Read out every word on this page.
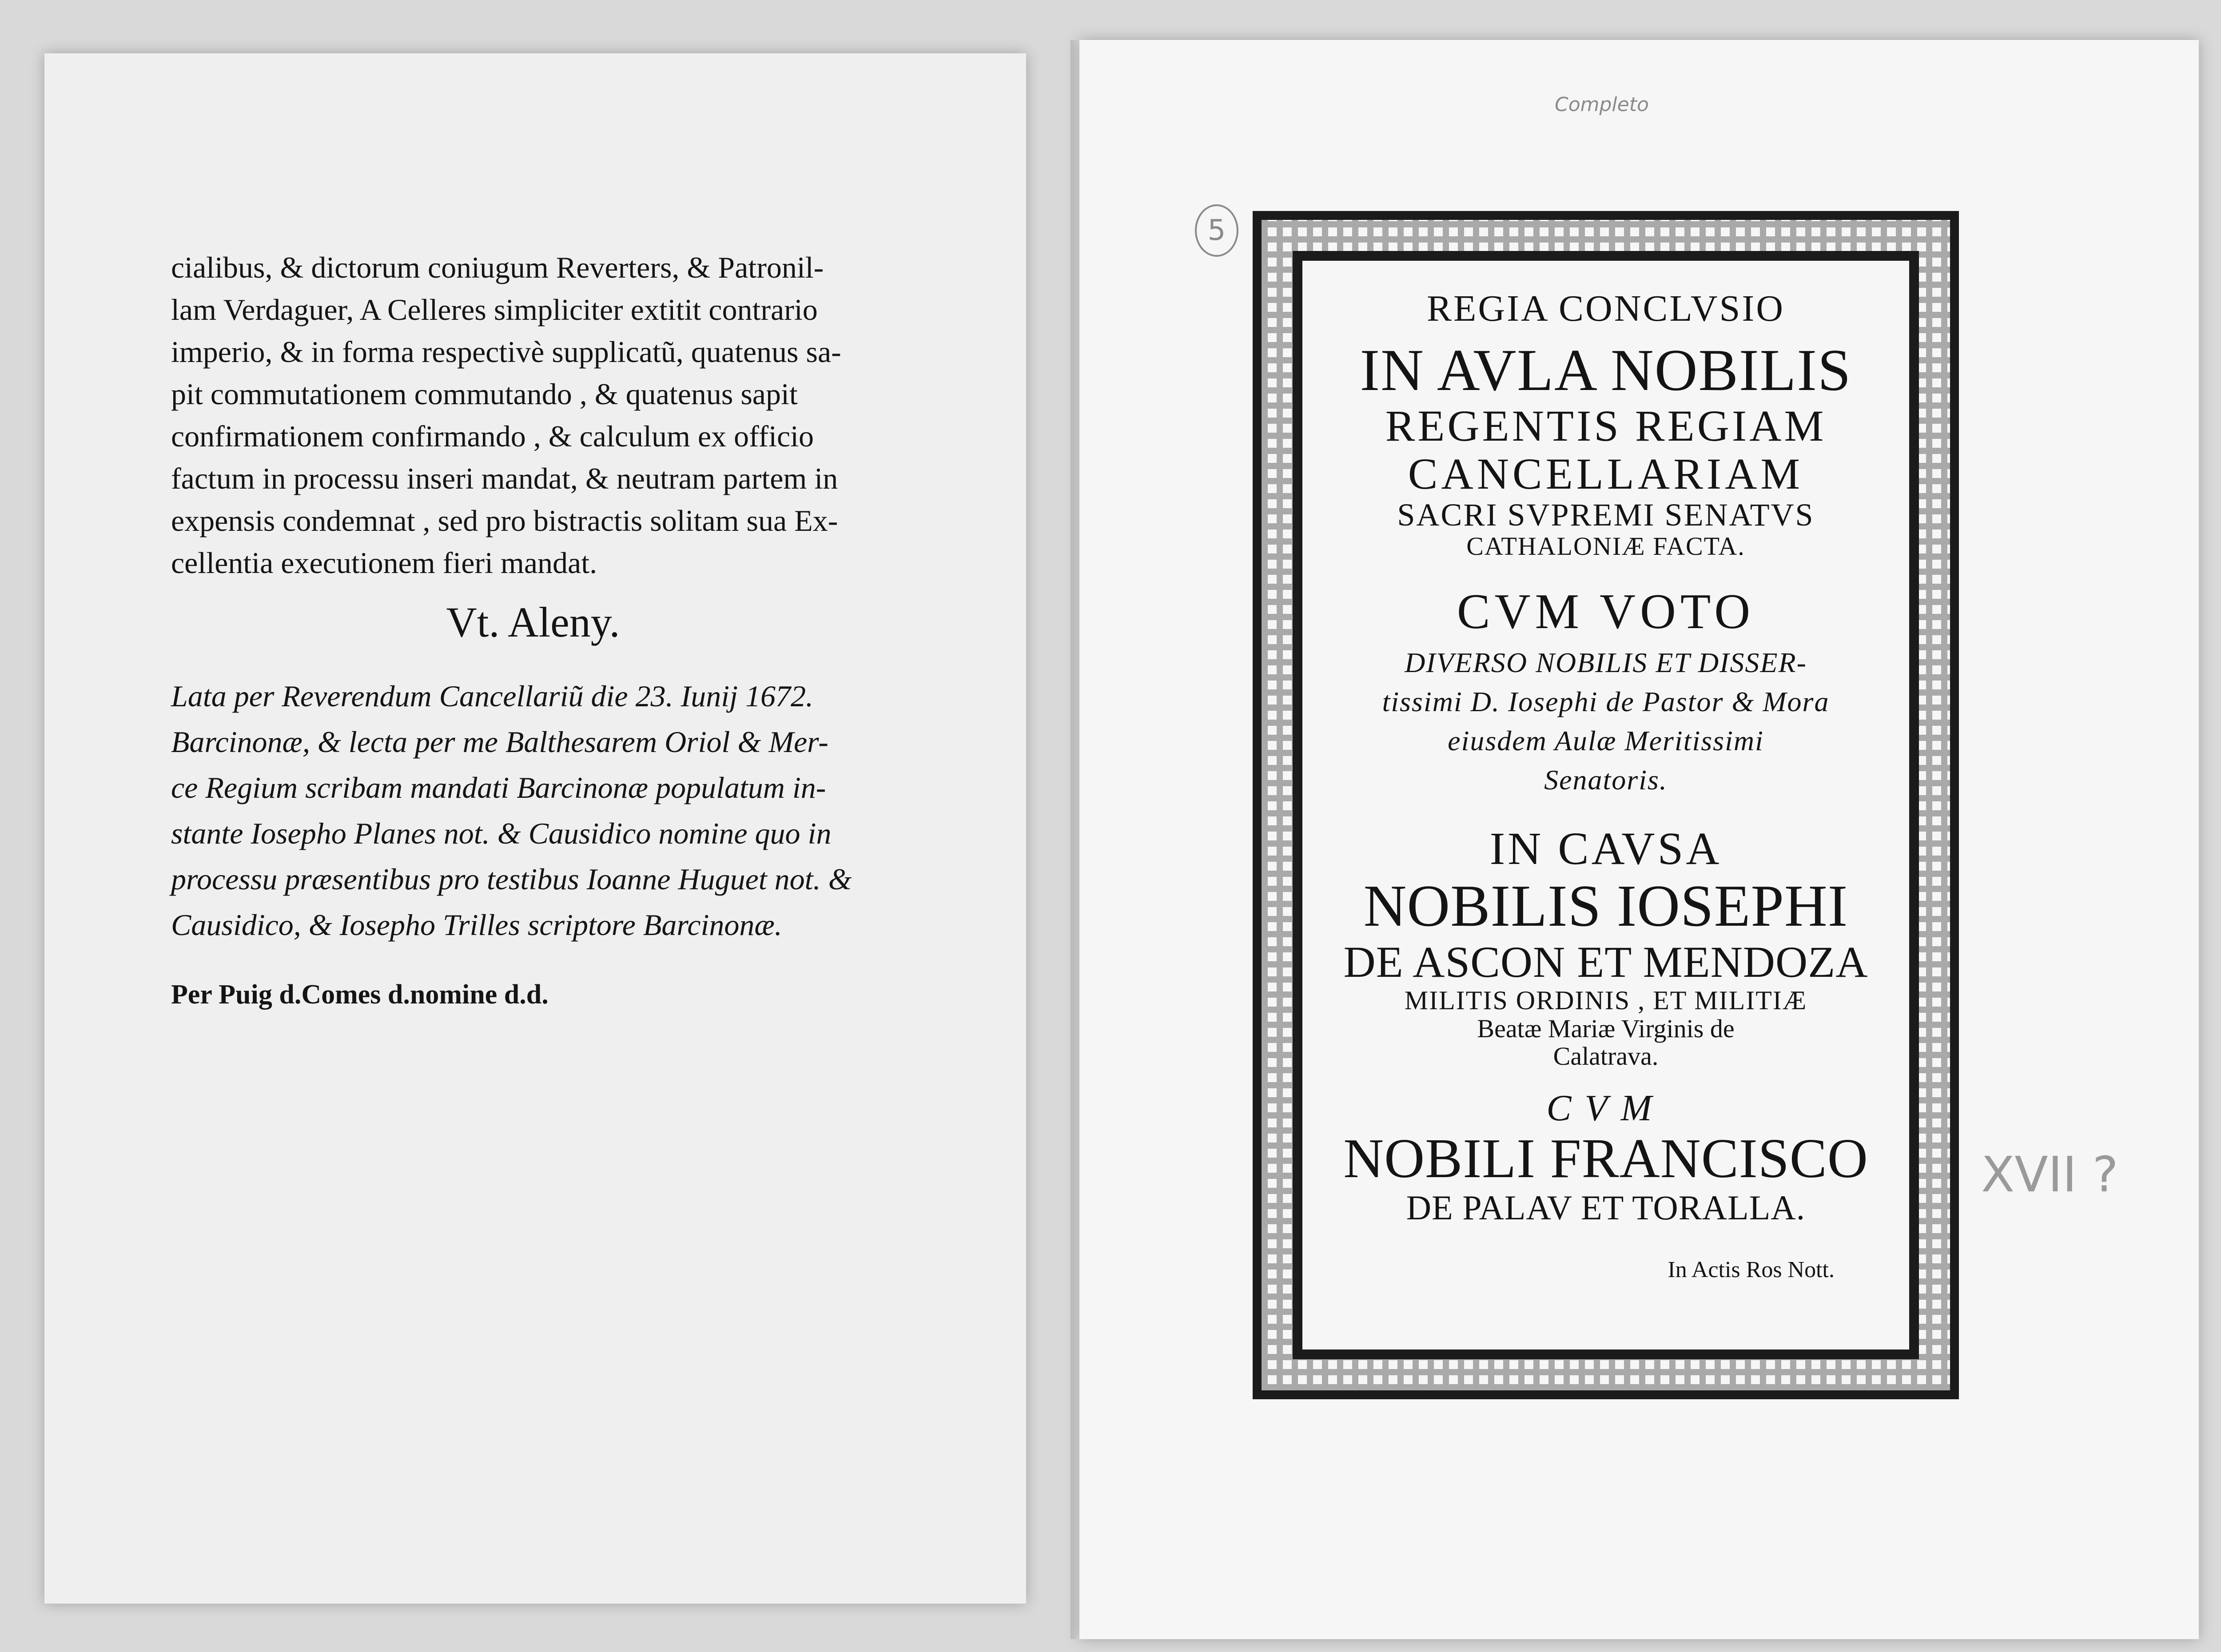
cialibus, & dictorum coniugum Reverters, & Patronil-
lam Verdaguer, A Celleres simpliciter extitit contrario
imperio, & in forma respectivè supplicatũ, quatenus sa-
pit commutationem commutando , & quatenus sapit
confirmationem confirmando , & calculum ex officio
factum in processu inseri mandat, & neutram partem in
expensis condemnat , sed pro bistractis solitam sua Ex-
cellentia executionem fieri mandat.
Vt. Aleny.
Lata per Reverendum Cancellariũ die 23. Iunij 1672.
Barcinonæ, & lecta per me Balthesarem Oriol & Mer-
ce Regium scribam mandati Barcinonæ populatum in-
stante Iosepho Planes not. & Causidico nomine quo in
processu præsentibus pro testibus Ioanne Huguet not. &
Causidico, & Iosepho Trilles scriptore Barcinonæ.
Per Puig d.Comes d.nomine d.d.
5
Completo
XVII ?
REGIA CONCLVSIO
IN AVLA NOBILIS
REGENTIS REGIAM
CANCELLARIAM
SACRI SVPREMI SENATVS
CATHALONIÆ FACTA.
CVM VOTO
DIVERSO NOBILIS ET DISSER-
tissimi D. Iosephi de Pastor & Mora
eiusdem Aulæ Meritissimi
Senatoris.
IN CAVSA
NOBILIS IOSEPHI
DE ASCON ET MENDOZA
MILITIS ORDINIS , ET MILITIÆ
Beatæ Mariæ Virginis de
Calatrava.
CVM
NOBILI FRANCISCO
DE PALAV ET TORALLA.
In Actis Ros Nott.
